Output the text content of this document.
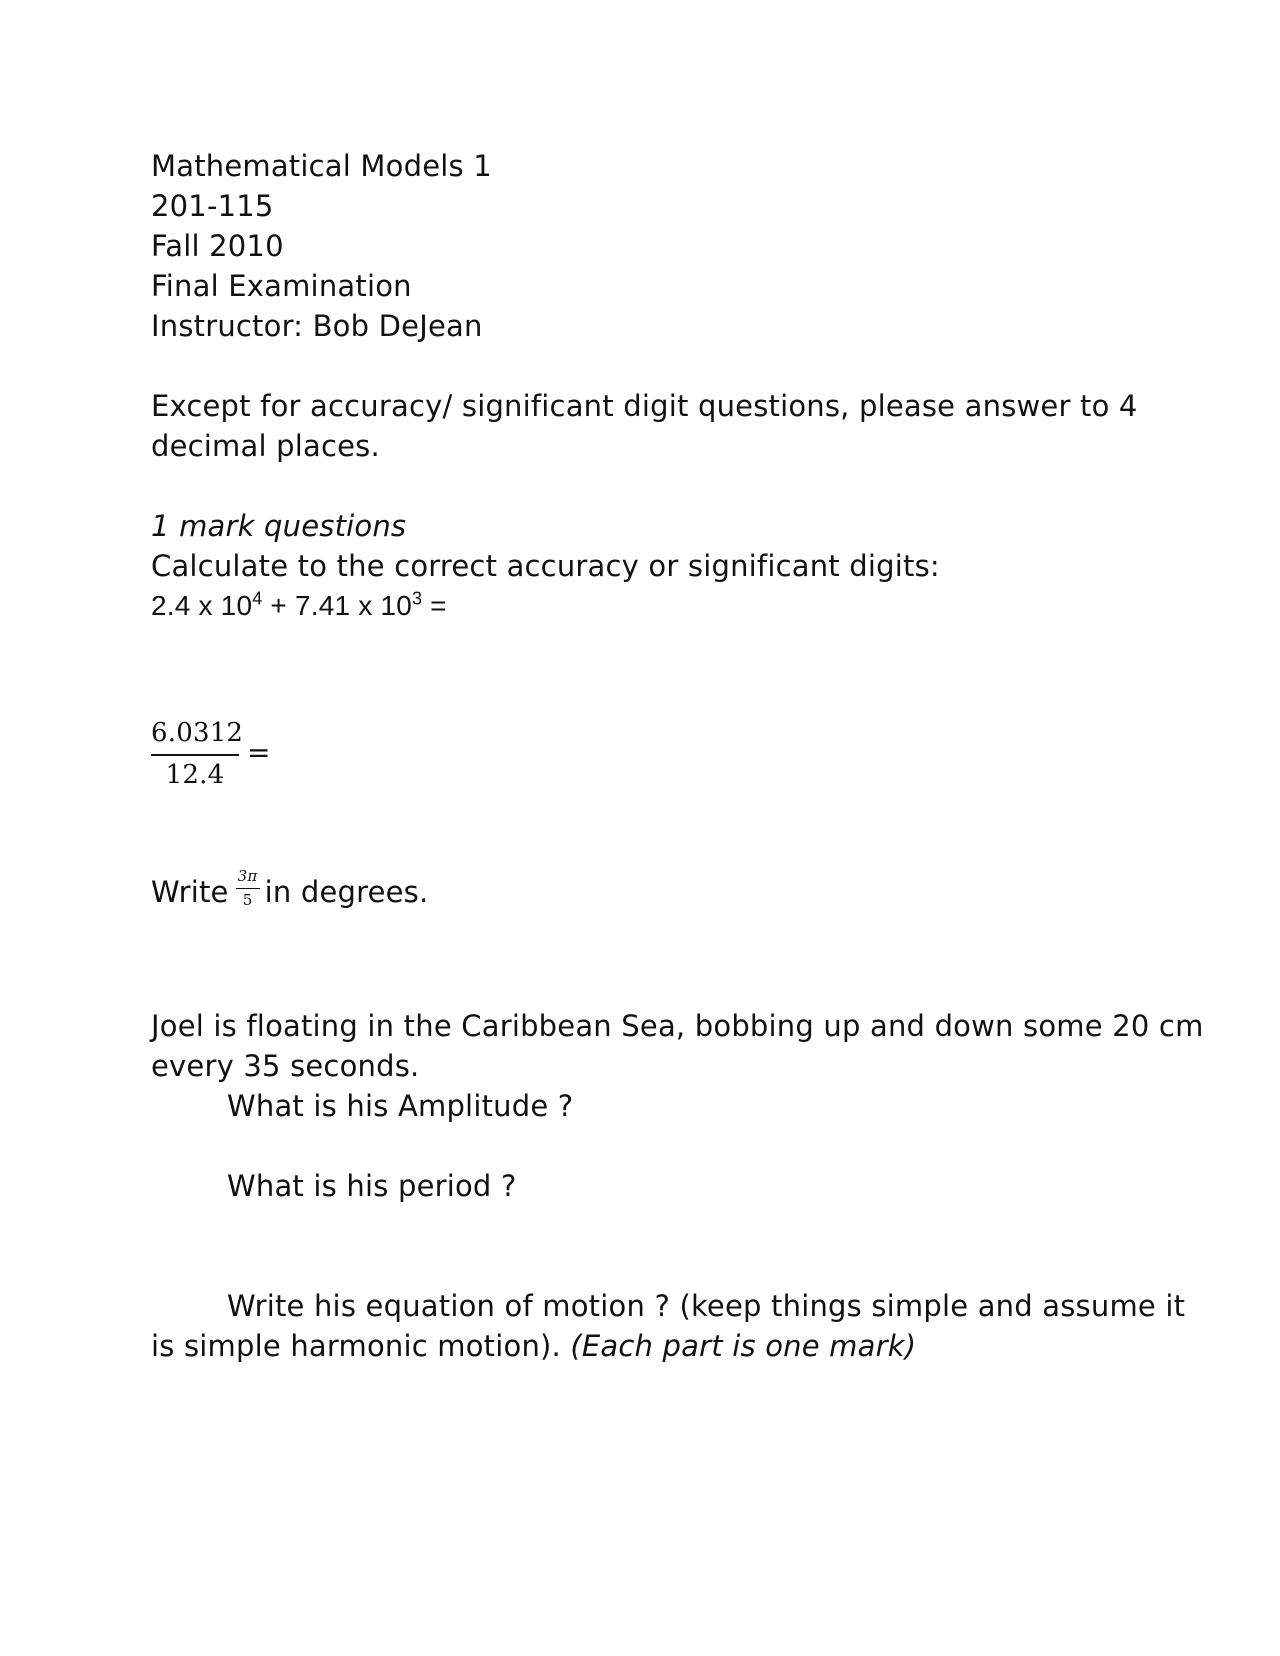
Mathematical Models 1
201-115
Fall 2010
Final Examination
Instructor: Bob DeJean
Except for accuracy/ significant digit questions, please answer to 4
decimal places.
1 mark questions
Calculate to the correct accuracy or significant digits:
2.4 x $10^4 + 7.41$ x $10^3$ =
6.0312
12.4
=
Write $\frac{3\pi}{5}$ in degrees.
Joel is floating in the Caribbean Sea, bobbing up and down some 20 cm
every 35 seconds.
What is his Amplitude ?
What is his period ?
Write his equation of motion ? (keep things simple and assume it
is simple harmonic motion). (Each part is one mark)
